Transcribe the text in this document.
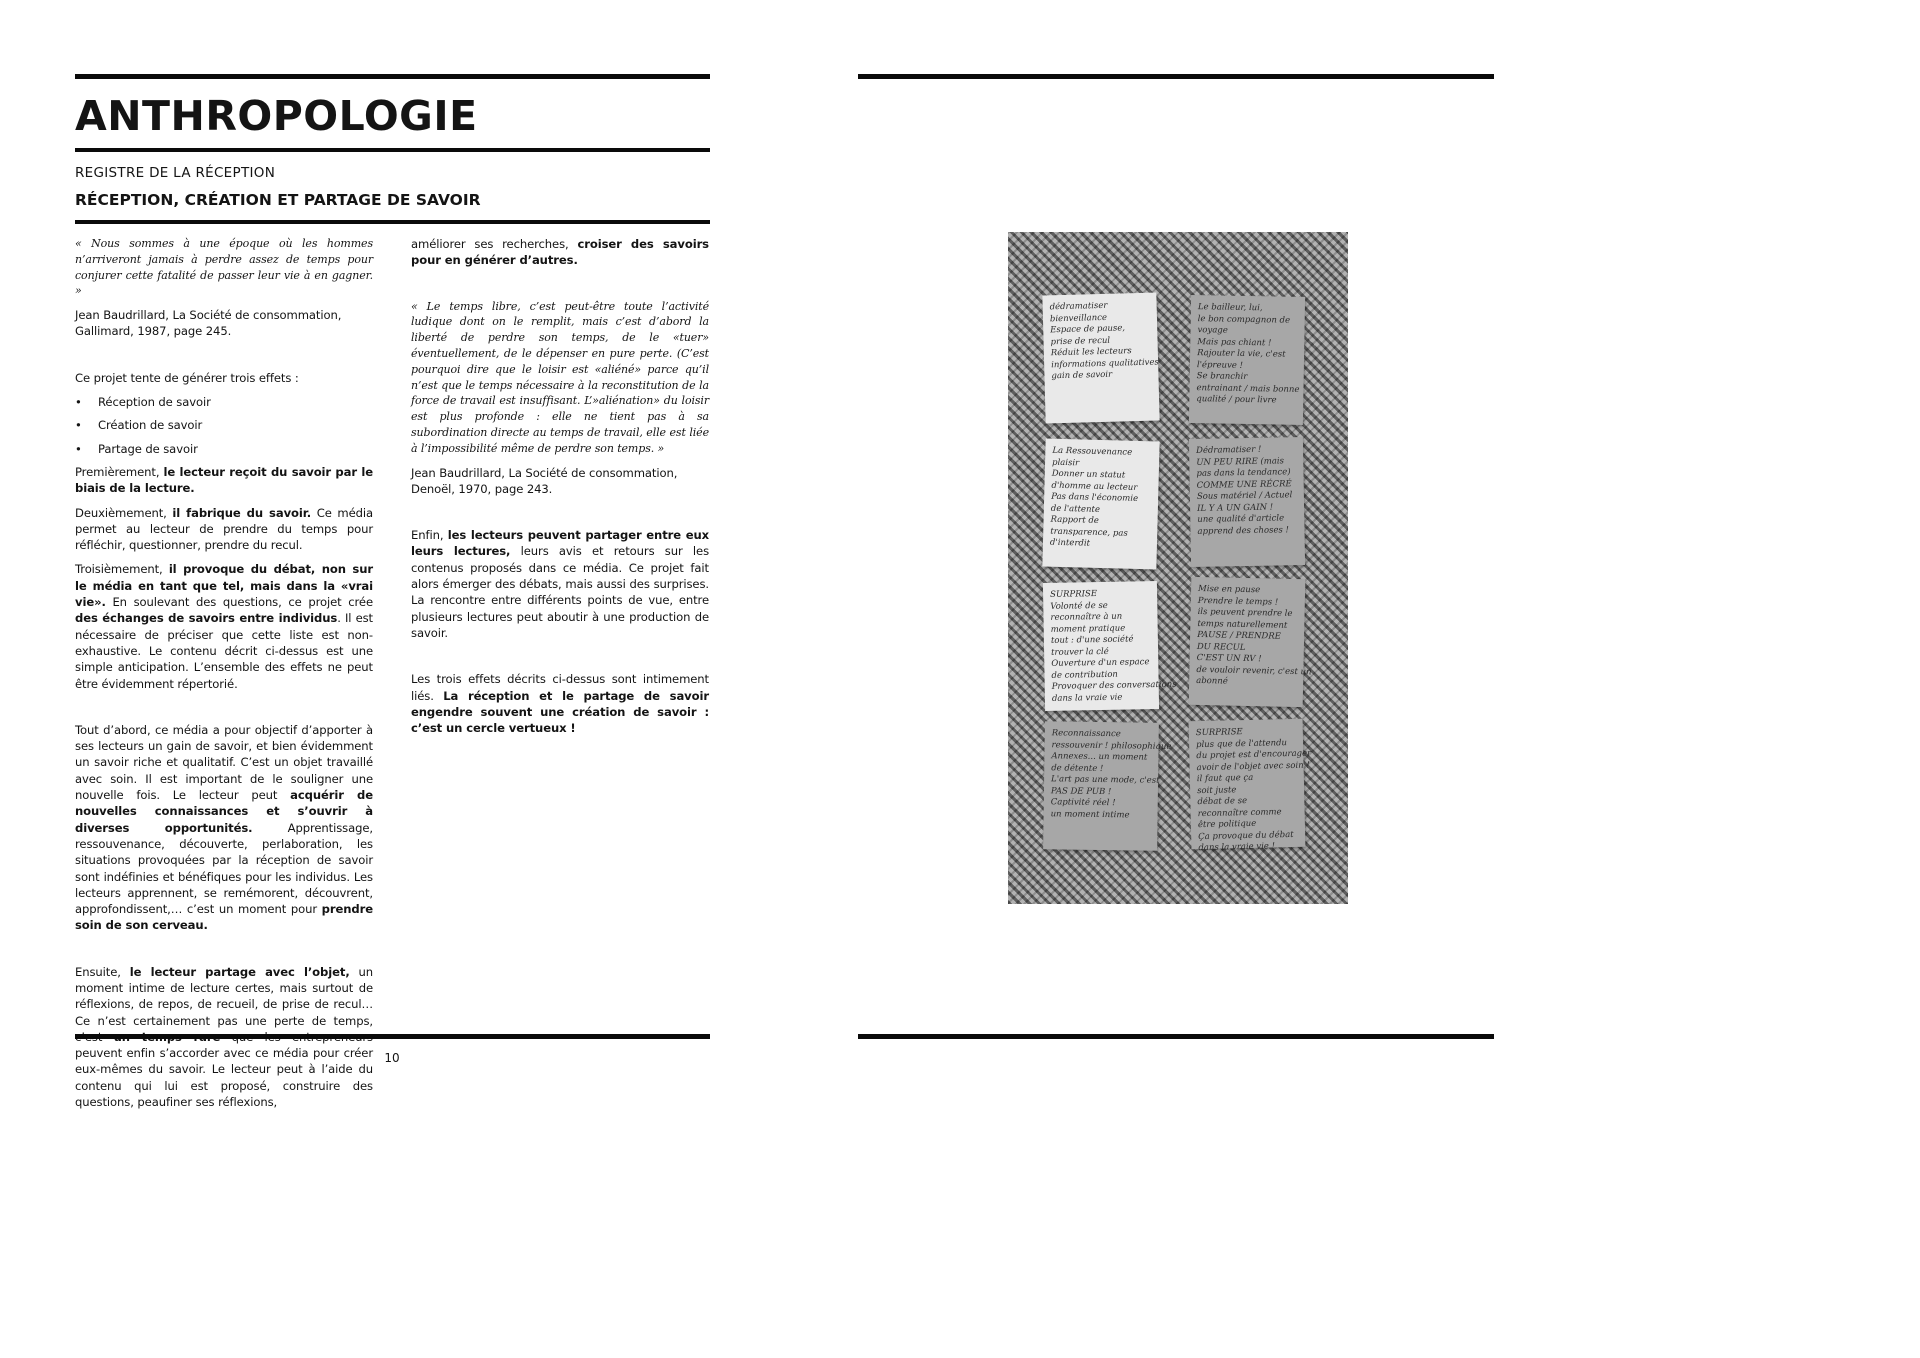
ANTHROPOLOGIE
REGISTRE DE LA RÉCEPTION
RÉCEPTION, CRÉATION ET PARTAGE DE SAVOIR

« Nous sommes à une époque où les hommes n’arriveront jamais à perdre assez de temps pour conjurer cette fatalité de passer leur vie à en gagner. »

Jean Baudrillard, La Société de consommation, Gallimard, 1987, page 245.

Ce projet tente de générer trois effets :

• Réception de savoir
• Création de savoir
• Partage de savoir

Premièrement, le lecteur reçoit du savoir par le biais de la lecture.

Deuxièmement, il fabrique du savoir. Ce média permet au lecteur de prendre du temps pour réfléchir, questionner, prendre du recul.

Troisièmement, il provoque du débat, non sur le média en tant que tel, mais dans la «vrai vie». En soulevant des questions, ce projet crée des échanges de savoirs entre individus. Il est nécessaire de préciser que cette liste est non-exhaustive. Le contenu décrit ci-dessus est une simple anticipation. L’ensemble des effets ne peut être évidemment répertorié.

Tout d’abord, ce média a pour objectif d’apporter à ses lecteurs un gain de savoir, et bien évidemment un savoir riche et qualitatif. C’est un objet travaillé avec soin. Il est important de le souligner une nouvelle fois. Le lecteur peut acquérir de nouvelles connaissances et s’ouvrir à diverses opportunités. Apprentissage, ressouvenance, découverte, perlaboration, les situations provoquées par la réception de savoir sont indéfinies et bénéfiques pour les individus. Les lecteurs apprennent, se remémorent, découvrent, approfondissent,… c’est un moment pour prendre soin de son cerveau.

Ensuite, le lecteur partage avec l’objet, un moment intime de lecture certes, mais surtout de réflexions, de repos, de recueil, de prise de recul… Ce n’est certainement pas une perte de temps, peuvent enfin s’accorder avec ce média pour créer eux-mêmes du savoir. Le lecteur peut à l’aide du contenu qui lui est proposé, construire des questions, peaufiner ses réflexions,

améliorer ses recherches, croiser des savoirs pour en générer d’autres.

« Le temps libre, c’est peut-être toute l’activité ludique dont on le remplit, mais c’est d’abord la liberté de perdre son temps, de le «tuer» éventuellement, de le dépenser en pure perte. (C’est pourquoi dire que le loisir est «aliéné» parce qu’il n’est que le temps nécessaire à la reconstitution de la force de travail est insuffisant. L’»aliénation» du loisir est plus profonde : elle ne tient pas à sa subordination directe au temps de travail, elle est liée à l’impossibilité même de perdre son temps. »

Jean Baudrillard, La Société de consommation, Denoël, 1970, page 243.

Enfin, les lecteurs peuvent partager entre eux leurs lectures, leurs avis et retours sur les contenus proposés dans ce média. Ce projet fait alors émerger des débats, mais aussi des surprises. La rencontre entre différents points de vue, entre plusieurs lectures peut aboutir à une production de savoir.

Les trois effets décrits ci-dessus sont intimement liés. La réception et le partage de savoir engendre souvent une création de savoir : c’est un cercle vertueux !

10
dédramatiser
bienveillance
Espace de pause,
prise de recul
Réduit les lecteurs
informations qualitatives
gain de savoir
Le bailleur, lui,
le bon compagnon de
voyage
Mais pas chiant !
Rajouter la vie, c'est
l'épreuve !
Se branchir
entrainant / mais bonne
qualité / pour livre
La Ressouvenance
plaisir
Donner un statut
d'homme au lecteur
Pas dans l'économie
de l'attente
Rapport de
transparence, pas
d'interdit
Dédramatiser !
UN PEU RIRE (mais
pas dans la tendance)
COMME UNE RÉCRÉ
Sous matériel / Actuel
IL Y A UN GAIN !
une qualité d'article
apprend des choses !
SURPRISE
Volonté de se
reconnaître à un
moment pratique
tout : d'une société
trouver la clé
Ouverture d'un espace
de contribution
Provoquer des conversations
dans la vraie vie
Mise en pause
Prendre le temps !
ils peuvent prendre le
temps naturellement
PAUSE / PRENDRE
DU RECUL
C'EST UN RV !
de vouloir revenir, c'est un
abonné
Reconnaissance
ressouvenir ! philosophique
Annexes... un moment
de détente !
L'art pas une mode, c'est
PAS DE PUB !
Captivité réel !
un moment intime
SURPRISE
plus que de l'attendu
du projet est d'encourager
avoir de l'objet avec soin !
il faut que ça
soit juste
débat de se
reconnaître comme
être politique
Ça provoque du débat
dans la vraie vie !
